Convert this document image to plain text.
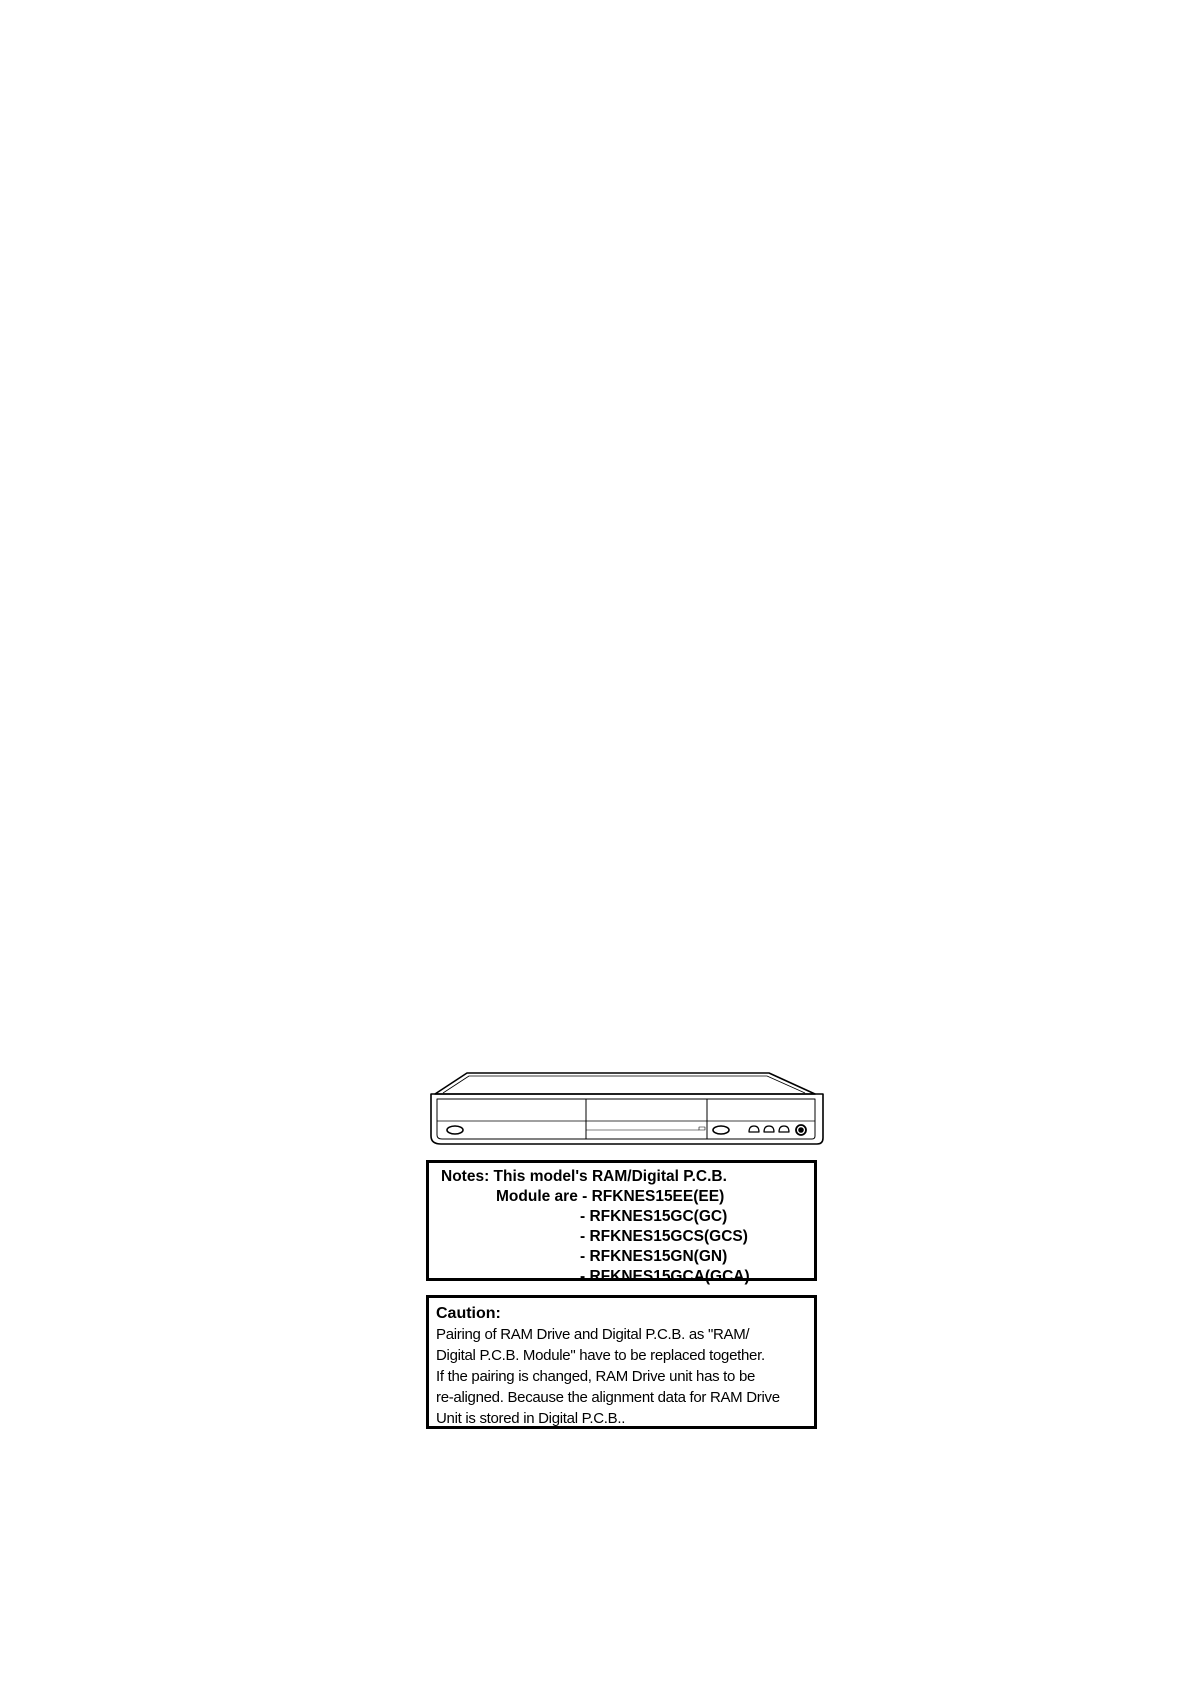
Notes: This model's RAM/Digital P.C.B.
Module are - RFKNES15EE(EE)
- RFKNES15GC(GC)
- RFKNES15GCS(GCS)
- RFKNES15GN(GN)
- RFKNES15GCA(GCA).
Caution:
Pairing of RAM Drive and Digital P.C.B. as "RAM/
Digital P.C.B. Module" have to be replaced together.
If the pairing is changed, RAM Drive unit has to be
re-aligned. Because the alignment data for RAM Drive
Unit is stored in Digital P.C.B..
